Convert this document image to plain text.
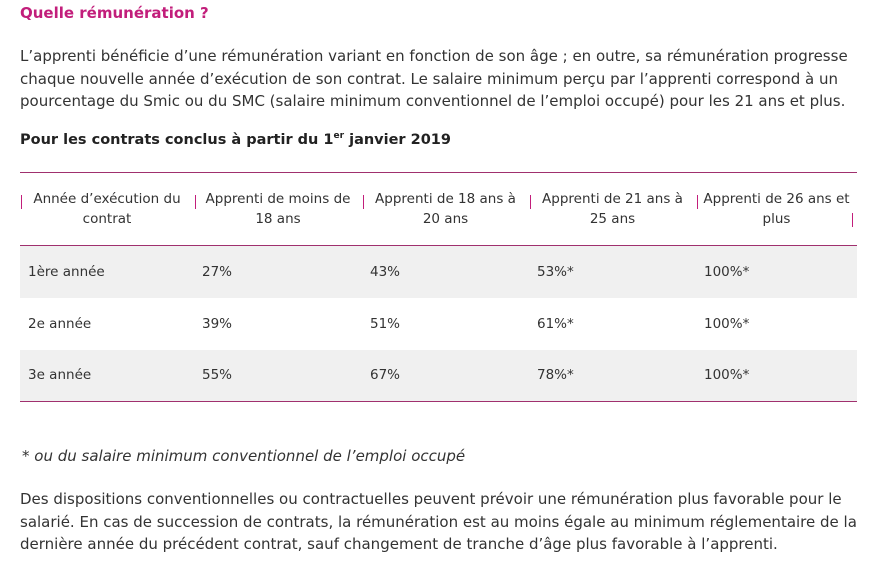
Quelle rémunération ?

L’apprenti bénéficie d’une rémunération variant en fonction de son âge ; en outre, sa rémunération progresse chaque nouvelle année d’exécution de son contrat. Le salaire minimum perçu par l’apprenti correspond à un pourcentage du Smic ou du SMC (salaire minimum conventionnel de l’emploi occupé) pour les 21 ans et plus.

Pour les contrats conclus à partir du 1er janvier 2019

Année d’exécution du contrat	Apprenti de moins de 18 ans	Apprenti de 18 ans à 20 ans	Apprenti de 21 ans à 25 ans	Apprenti de 26 ans et plus

1ère année	27%	43%	53%*	100%*
2e année	39%	51%	61%*	100%*
3e année	55%	67%	78%*	100%*

* ou du salaire minimum conventionnel de l’emploi occupé

Des dispositions conventionnelles ou contractuelles peuvent prévoir une rémunération plus favorable pour le salarié. En cas de succession de contrats, la rémunération est au moins égale au minimum réglementaire de la dernière année du précédent contrat, sauf changement de tranche d’âge plus favorable à l’apprenti.
